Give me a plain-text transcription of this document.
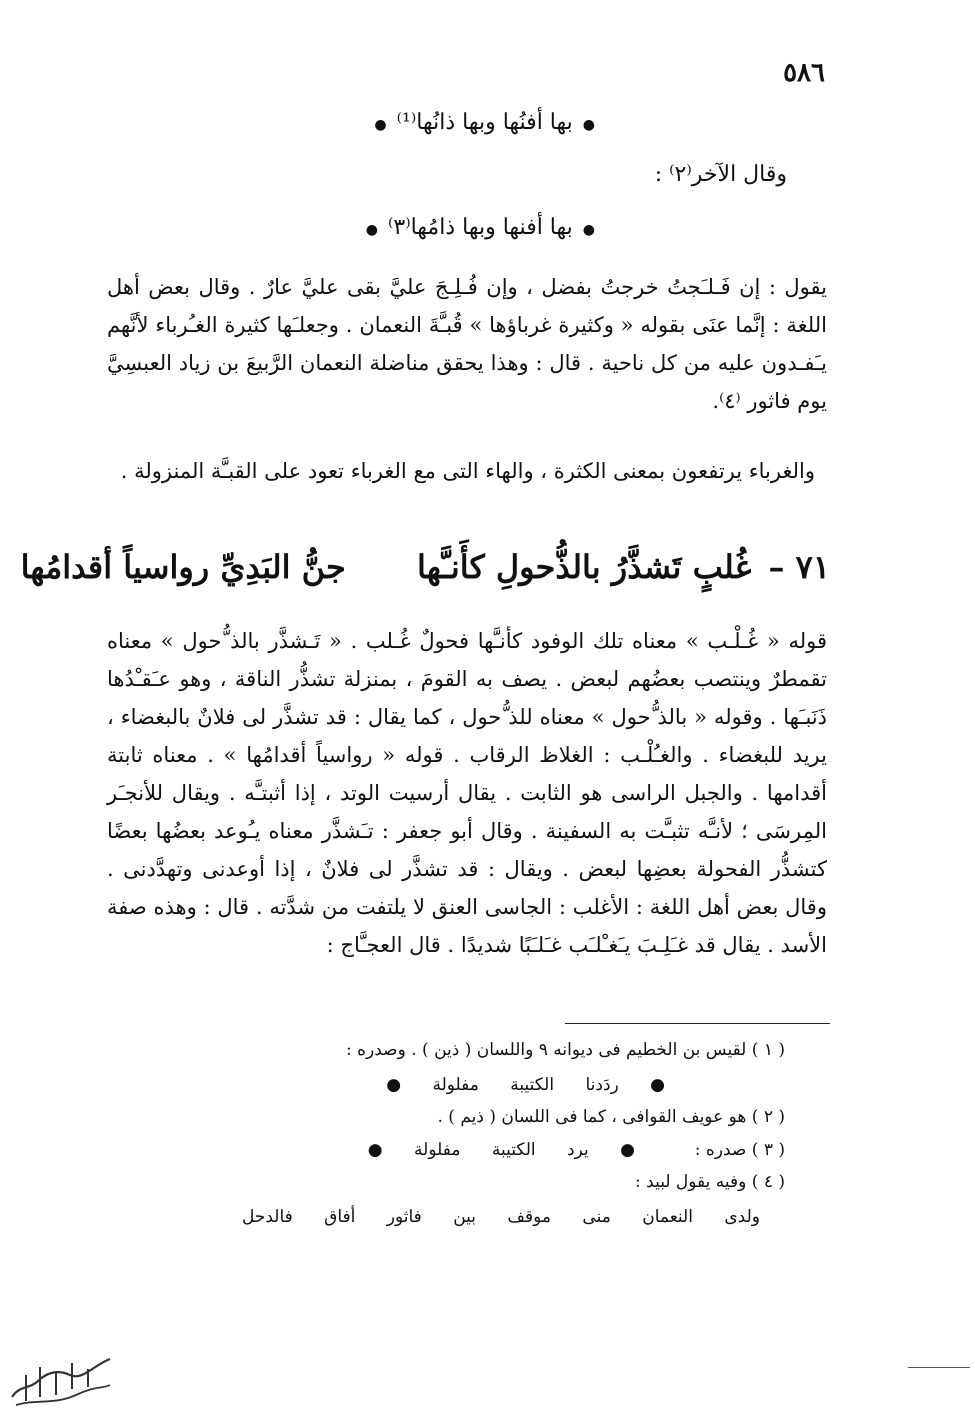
٥٨٦
●بها أفنُها وبها ذانُها⁽¹⁾●
وقال الآخر⁽٢⁾ :
●بها أفنها وبها ذامُها⁽٣⁾●

يقول : إن فَـلـَجتُ خرجتُ بفضل ، وإن فُـلِـجَ عليَّ بقى عليَّ عارٌ . وقال بعض أهل اللغة : إنَّما عنَى بقوله « وكثيرة غرباؤها » قُبـَّةَ النعمان . وجعلـَها كثيرة الغـُرباء لأنَّهم يـَفـدون عليه من كل ناحية . قال : وهذا يحقق مناضلة النعمان الرَّبيعَ بن زياد العبسِيَّ يوم فاثور ⁽٤⁾.

والغرباء يرتفعون بمعنى الكثرة ، والهاء التى مع الغرباء تعود على القبـَّة المنزولة .

٧١ – غُلبٍ تَشذَّرُ بالذُّحولِ كأَنـَّها جنُّ البَدِيِّ رواسياً أقدامُها

قوله « غُـلْـب » معناه تلك الوفود كأنـَّها فحولٌ غُـلب . « تَـشذَّر بالذ ُّحول » معناه تقمطرٌ وينتصب بعضُهم لبعض . يصف به القومَ ، بمنزلة تشذُّر الناقة ، وهو عـَقـْدُها ذَنَبـَها . وقوله « بالذ ُّحول » معناه للذ ُّحول ، كما يقال : قد تشذَّر لى فلانٌ بالبغضاء ، يريد للبغضاء . والغـُلْـب : الغلاظ الرقاب . قوله « رواسياً أقدامُها » . معناه ثابتة أقدامها . والجبل الراسى هو الثابت . يقال أرسيت الوتد ، إذا أثبتـَّه . ويقال للأنجـَر المِرسَى ؛ لأنـَّه تثبـَّت به السفينة . وقال أبو جعفر : تـَشذَّر معناه يـُوعد بعضُها بعضًا كتشذُّر الفحولة بعضِها لبعض . ويقال : قد تشذَّر لى فلانٌ ، إذا أوعدنى وتهدَّدنى . وقال بعض أهل اللغة : الأغلب : الجاسى العنق لا يلتفت من شدَّته . قال : وهذه صفة الأسد . يقال قد غـَلِـبَ يـَغـْلـَب غـَلـَبًا شديدًا . قال العجـَّاج :

( ١ ) لقيس بن الخطيم فى ديوانه ٩ واللسان ( ذين ) . وصدره :
● ردَدنا الكتيبة مفلولة ●
( ٢ ) هو عويف القوافى ، كما فى اللسان ( ذيم ) .
( ٣ ) صدره :
● يرد الكتيبة مفلولة ●
( ٤ ) وفيه يقول لبيد :
ولدى النعمان منى موقف بين فاثور أفاق فالدحل
